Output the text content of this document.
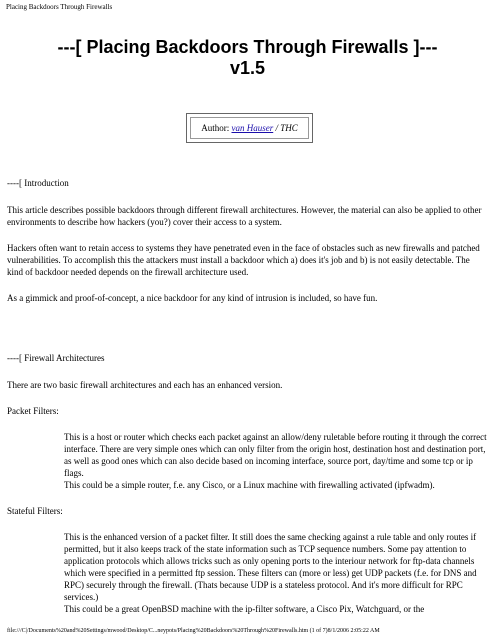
Placing Backdoors Through Firewalls
---[ Placing Backdoors Through Firewalls ]---
v1.5
Author:
van Hauser
/
THC

----[ Introduction

This article describes possible backdoors through different firewall architectures. However, the material can also be applied to other environments to describe how hackers (you?) cover their access to a system.

Hackers often want to retain access to systems they have penetrated even in the face of obstacles such as new firewalls and patched vulnerabilities. To accomplish this the attackers must install a backdoor which a) does it's job and b) is not easily detectable. The kind of backdoor needed depends on the firewall architecture used.

As a gimmick and proof-of-concept, a nice backdoor for any kind of intrusion is included, so have fun.

----[ Firewall Architectures

There are two basic firewall architectures and each has an enhanced version.

Packet Filters:

This is a host or router which checks each packet against an allow/deny ruletable before routing it through the correct interface. There are very simple ones which can only filter from the origin host, destination host and destination port, as well as good ones which can also decide based on incoming interface, source port, day/time and some tcp or ip flags.

This could be a simple router, f.e. any Cisco, or a Linux machine with firewalling activated (ipfwadm).

Stateful Filters:

This is the enhanced version of a packet filter. It still does the same checking against a rule table and only routes if permitted, but it also keeps track of the state information such as TCP sequence numbers. Some pay attention to application protocols which allows tricks such as only opening ports to the interiour network for ftp-data channels which were specified in a permitted ftp session. These filters can (more or less) get UDP packets (f.e. for DNS and RPC) securely through the firewall. (Thats because UDP is a stateless protocol. And it's more difficult for RPC services.)

This could be a great OpenBSD machine with the ip-filter software, a Cisco Pix, Watchguard, or the

file:///C|/Documents%20and%20Settings/mwood/Desktop/C...neypots/Placing%20Backdoors%20Through%20Firewalls.htm (1 of 7)8/1/2006 2:05:22 AM
